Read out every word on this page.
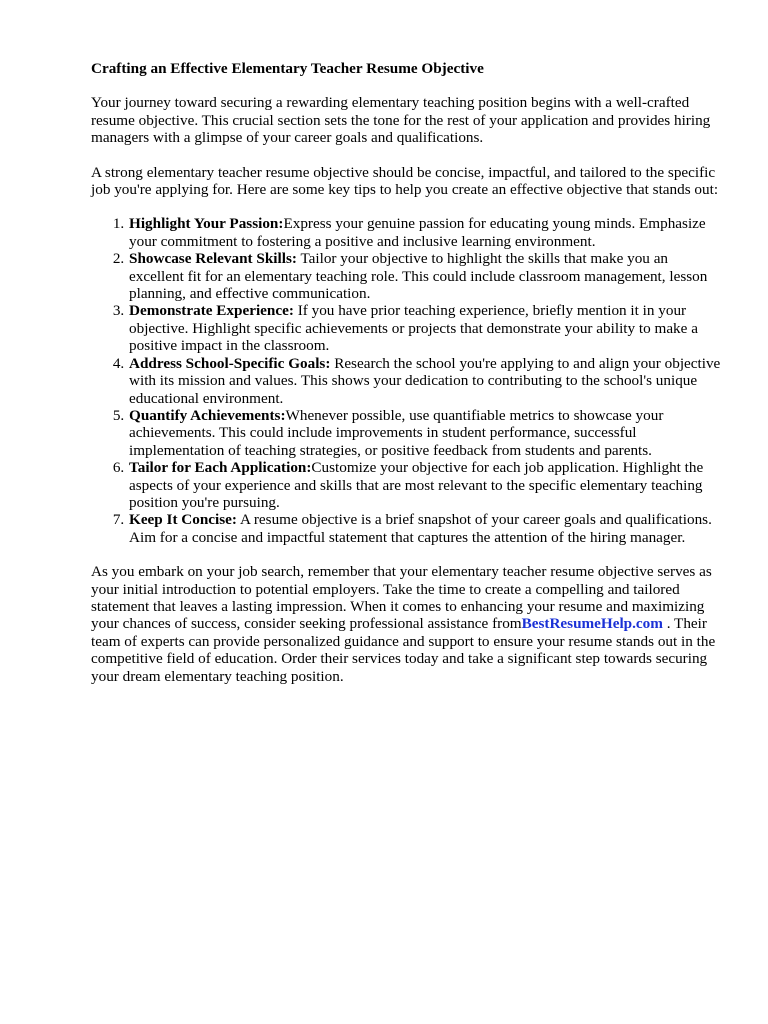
Crafting an Effective Elementary Teacher Resume Objective

Your journey toward securing a rewarding elementary teaching position begins with a well-crafted resume objective. This crucial section sets the tone for the rest of your application and provides hiring managers with a glimpse of your career goals and qualifications.

A strong elementary teacher resume objective should be concise, impactful, and tailored to the specific job you're applying for. Here are some key tips to help you create an effective objective that stands out:

1. Highlight Your Passion:Express your genuine passion for educating young minds. Emphasize your commitment to fostering a positive and inclusive learning environment.
2. Showcase Relevant Skills: Tailor your objective to highlight the skills that make you an excellent fit for an elementary teaching role. This could include classroom management, lesson planning, and effective communication.
3. Demonstrate Experience: If you have prior teaching experience, briefly mention it in your objective. Highlight specific achievements or projects that demonstrate your ability to make a positive impact in the classroom.
4. Address School-Specific Goals: Research the school you're applying to and align your objective with its mission and values. This shows your dedication to contributing to the school's unique educational environment.
5. Quantify Achievements:Whenever possible, use quantifiable metrics to showcase your achievements. This could include improvements in student performance, successful implementation of teaching strategies, or positive feedback from students and parents.
6. Tailor for Each Application:Customize your objective for each job application. Highlight the aspects of your experience and skills that are most relevant to the specific elementary teaching position you're pursuing.
7. Keep It Concise: A resume objective is a brief snapshot of your career goals and qualifications. Aim for a concise and impactful statement that captures the attention of the hiring manager.

As you embark on your job search, remember that your elementary teacher resume objective serves as your initial introduction to potential employers. Take the time to create a compelling and tailored statement that leaves a lasting impression. When it comes to enhancing your resume and maximizing your chances of success, consider seeking professional assistance fromBestResumeHelp.com . Their team of experts can provide personalized guidance and support to ensure your resume stands out in the competitive field of education. Order their services today and take a significant step towards securing your dream elementary teaching position.
